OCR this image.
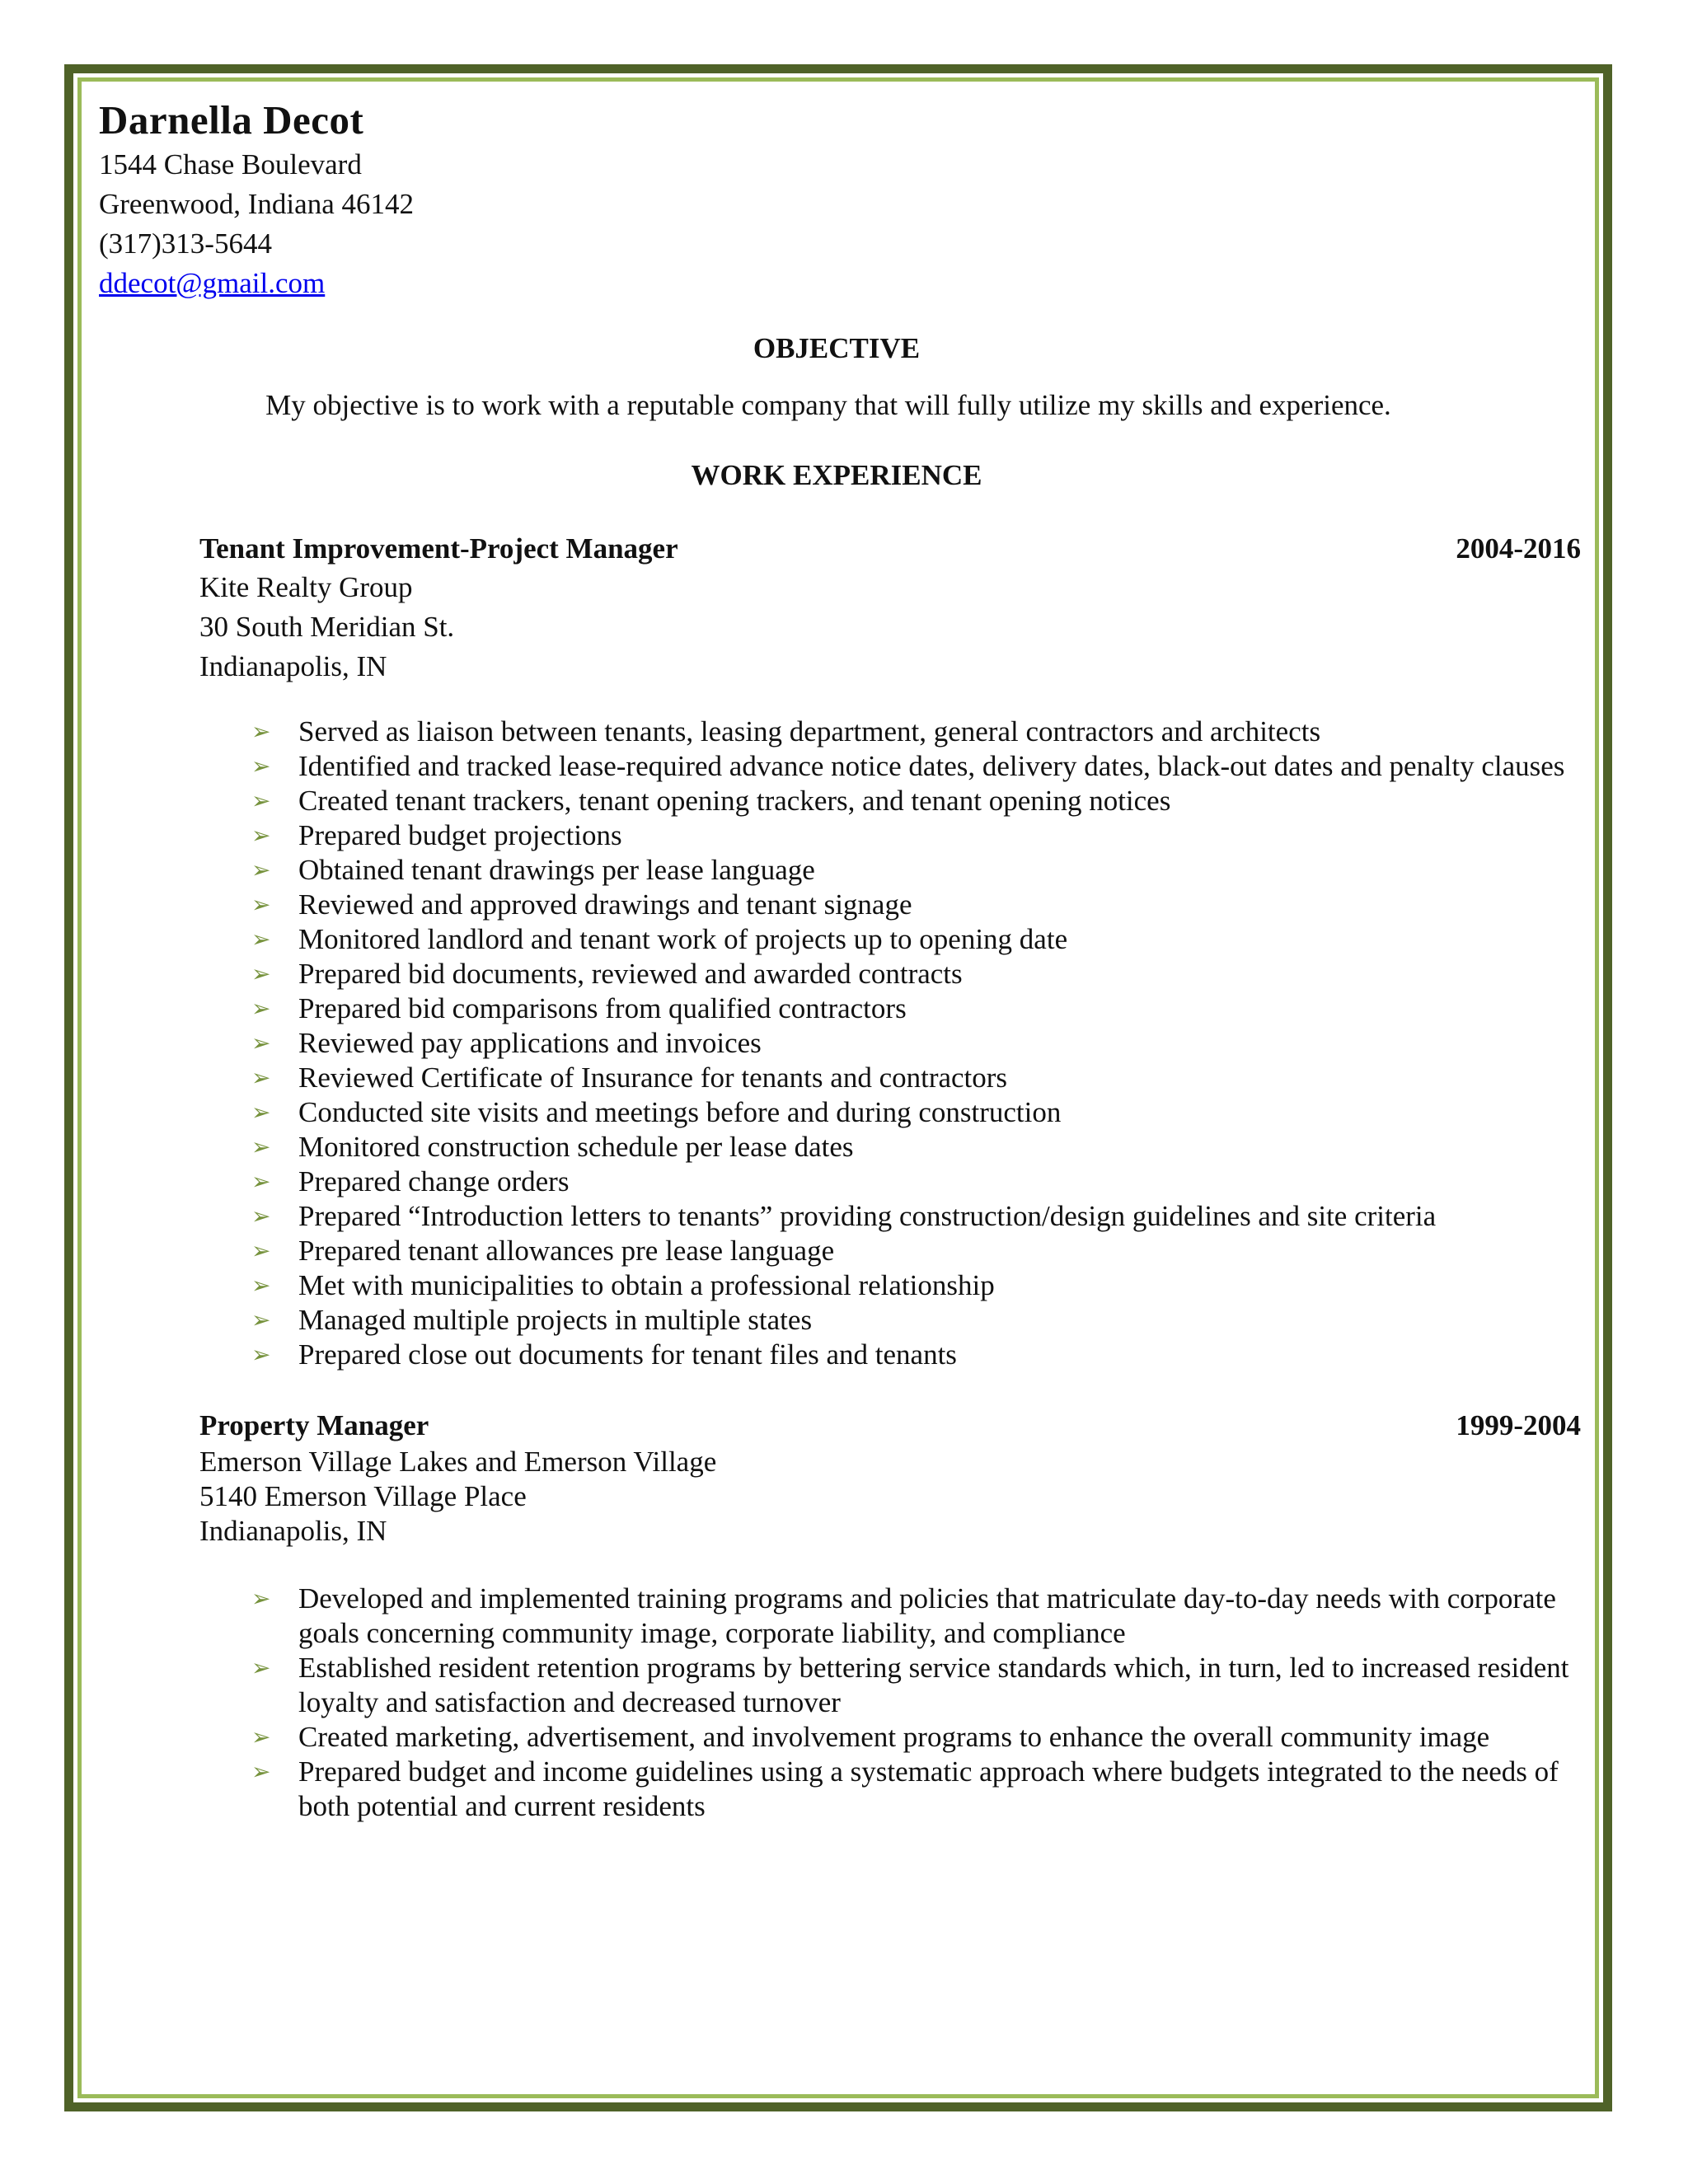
Darnella Decot
1544 Chase Boulevard
Greenwood, Indiana 46142
(317)313-5644
ddecot@gmail.com
OBJECTIVE

My objective is to work with a reputable company that will fully utilize my skills and experience.

WORK EXPERIENCE
Tenant Improvement-Project Manager	2004-2016
Kite Realty Group
30 South Meridian St.
Indianapolis, IN
➢ Served as liaison between tenants, leasing department, general contractors and architects
➢ Identified and tracked lease-required advance notice dates, delivery dates, black-out dates and penalty clauses
➢ Created tenant trackers, tenant opening trackers, and tenant opening notices
➢ Prepared budget projections
➢ Obtained tenant drawings per lease language
➢ Reviewed and approved drawings and tenant signage
➢ Monitored landlord and tenant work of projects up to opening date
➢ Prepared bid documents, reviewed and awarded contracts
➢ Prepared bid comparisons from qualified contractors
➢ Reviewed pay applications and invoices
➢ Reviewed Certificate of Insurance for tenants and contractors
➢ Conducted site visits and meetings before and during construction
➢ Monitored construction schedule per lease dates
➢ Prepared change orders
➢ Prepared “Introduction letters to tenants” providing construction/design guidelines and site criteria
➢ Prepared tenant allowances pre lease language
➢ Met with municipalities to obtain a professional relationship
➢ Managed multiple projects in multiple states
➢ Prepared close out documents for tenant files and tenants
Property Manager	1999-2004
Emerson Village Lakes and Emerson Village
5140 Emerson Village Place
Indianapolis, IN
➢ Developed and implemented training programs and policies that matriculate day-to-day needs with corporate goals concerning community image, corporate liability, and compliance
➢ Established resident retention programs by bettering service standards which, in turn, led to increased resident loyalty and satisfaction and decreased turnover
➢ Created marketing, advertisement, and involvement programs to enhance the overall community image
➢ Prepared budget and income guidelines using a systematic approach where budgets integrated to the needs of both potential and current residents
